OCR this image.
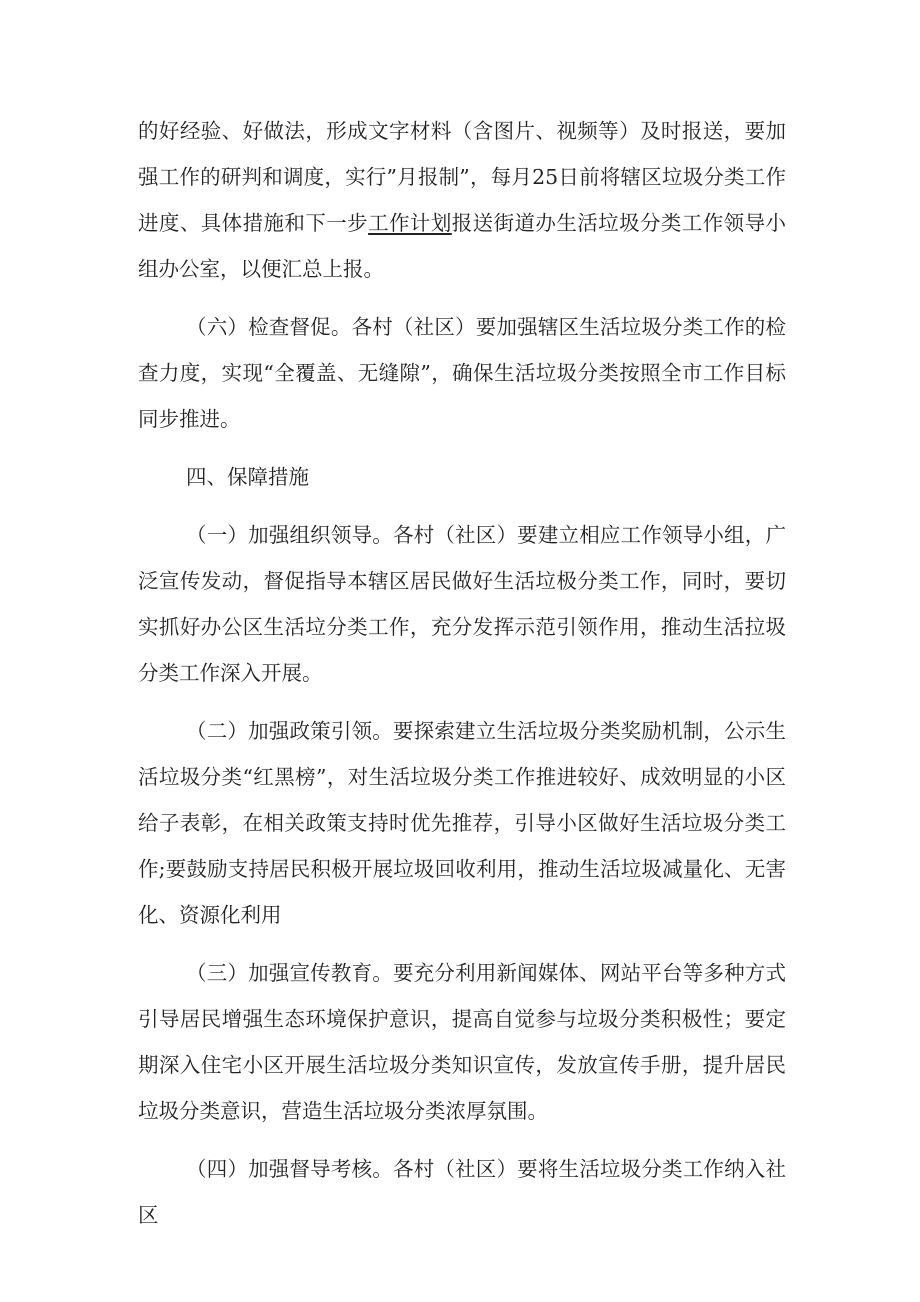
的好经验、好做法，形成文字材料（含图片、视频等）及时报送，要加强工作的研判和调度，实行”月报制”，每月25日前将辖区垃圾分类工作进度、具体措施和下一步工作计划报送街道办生活垃圾分类工作领导小组办公室，以便汇总上报。

（六）检查督促。各村（社区）要加强辖区生活垃圾分类工作的检查力度，实现“全覆盖、无缝隙”，确保生活垃圾分类按照全市工作目标同步推进。

四、保障措施

（一）加强组织领导。各村（社区）要建立相应工作领导小组，广泛宣传发动，督促指导本辖区居民做好生活垃极分类工作，同时，要切实抓好办公区生活垃分类工作，充分发挥示范引领作用，推动生活拉圾分类工作深入开展。

（二）加强政策引领。要探索建立生活垃圾分类奖励机制，公示生活垃圾分类“红黑榜”，对生活垃圾分类工作推进较好、成效明显的小区给子表彰，在相关政策支持时优先推荐，引导小区做好生活垃圾分类工作;要鼓励支持居民积极开展垃圾回收利用，推动生活垃圾减量化、无害化、资源化利用

（三）加强宣传教育。要充分利用新闻媒体、网站平台等多种方式引导居民增强生态环境保护意识，提高自觉参与垃圾分类积极性；要定期深入住宅小区开展生活垃圾分类知识宣传，发放宣传手册，提升居民垃圾分类意识，营造生活垃圾分类浓厚氛围。

（四）加强督导考核。各村（社区）要将生活垃圾分类工作纳入社区
